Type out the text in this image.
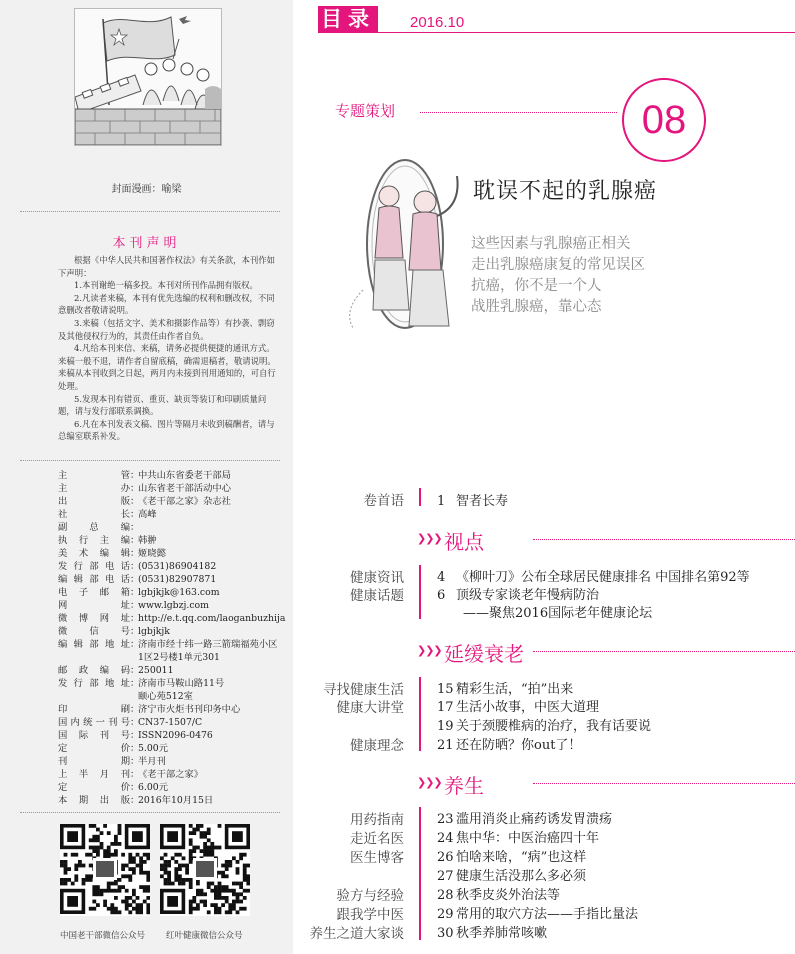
封面漫画：喻梁
本刊声明

根据《中华人民共和国著作权法》有关条款，本刊作如下声明：

1.本刊谢绝一稿多投。本刊对所刊作品拥有版权。

2.凡读者来稿，本刊有优先选编的权利和删改权，不同意删改者敬请说明。

3.来稿（包括文字、美术和摄影作品等）有抄袭、剽窃及其他侵权行为的，其责任由作者自负。

4.凡给本刊来信、来稿，请务必提供便捷的通讯方式。来稿一般不退，请作者自留底稿，确需退稿者，敬请说明。来稿从本刊收到之日起，两月内未接到刊用通知的，可自行处理。

5.发现本刊有错页、重页、缺页等装订和印刷质量问题，请与发行部联系调换。

6.凡在本刊发表文稿、图片等隔月未收到稿酬者，请与总编室联系补发。

主管 ：
中共山东省委老干部局
主办 ：
山东省老干部活动中心
出版 ：
《老干部之家》杂志社
社长 ：
高峰
副总编 ：
执行主编 ：
韩翀
美术编辑 ：
姬晓懿
发行部电话 ：
(0531)86904182
编辑部电话 ：
(0531)82907871
电子邮箱 ：
lgbjkjk@163.com
网址 ：
www.lgbzj.com
微博网址 ：
http://e.t.qq.com/laoganbuzhija
微信号 ：
lgbjkjk
编辑部地址 ：
济南市经十纬一路三箭瑞福苑小区
1区2号楼1单元301
邮政编码 ：
250011
发行部地址 ：
济南市马鞍山路11号
颐心苑512室
印刷 ：
济宁市火炬书刊印务中心
国内统一刊号 ：
CN37-1507/C
国际刊号 ：
ISSN2096-0476
定价 ：
5.00元
刊期 ：
半月刊
上半月刊 ：
《老干部之家》
定价 ：
6.00元
本期出版 ：
2016年10月15日
中国老干部微信公众号 红叶健康微信公众号
目录 2016.10
专题策划	08
耽误不起的乳腺癌
这些因素与乳腺癌正相关
走出乳腺癌康复的常见误区
抗癌，你不是一个人
战胜乳腺癌，靠心态
卷首语	1 智者长寿
❯❯❯ 视点
健康资讯
健康话题
4 《柳叶刀》公布全球居民健康排名 中国排名第92等
6 顶级专家谈老年慢病防治
——聚焦2016国际老年健康论坛
❯❯❯ 延缓衰老
寻找健康生活
健康大讲堂
健康理念
15 精彩生活，“拍”出来
17 生活小故事，中医大道理
19 关于颈腰椎病的治疗，我有话要说
21 还在防晒？你out了！
❯❯❯ 养生
用药指南
走近名医
医生博客
验方与经验
跟我学中医
养生之道大家谈
23 滥用消炎止痛药诱发胃溃疡
24 焦中华：中医治癌四十年
26 怕啥来啥，“病”也这样
27 健康生活没那么多必须
28 秋季皮炎外治法等
29 常用的取穴方法——手指比量法
30 秋季养肺常咳嗽
